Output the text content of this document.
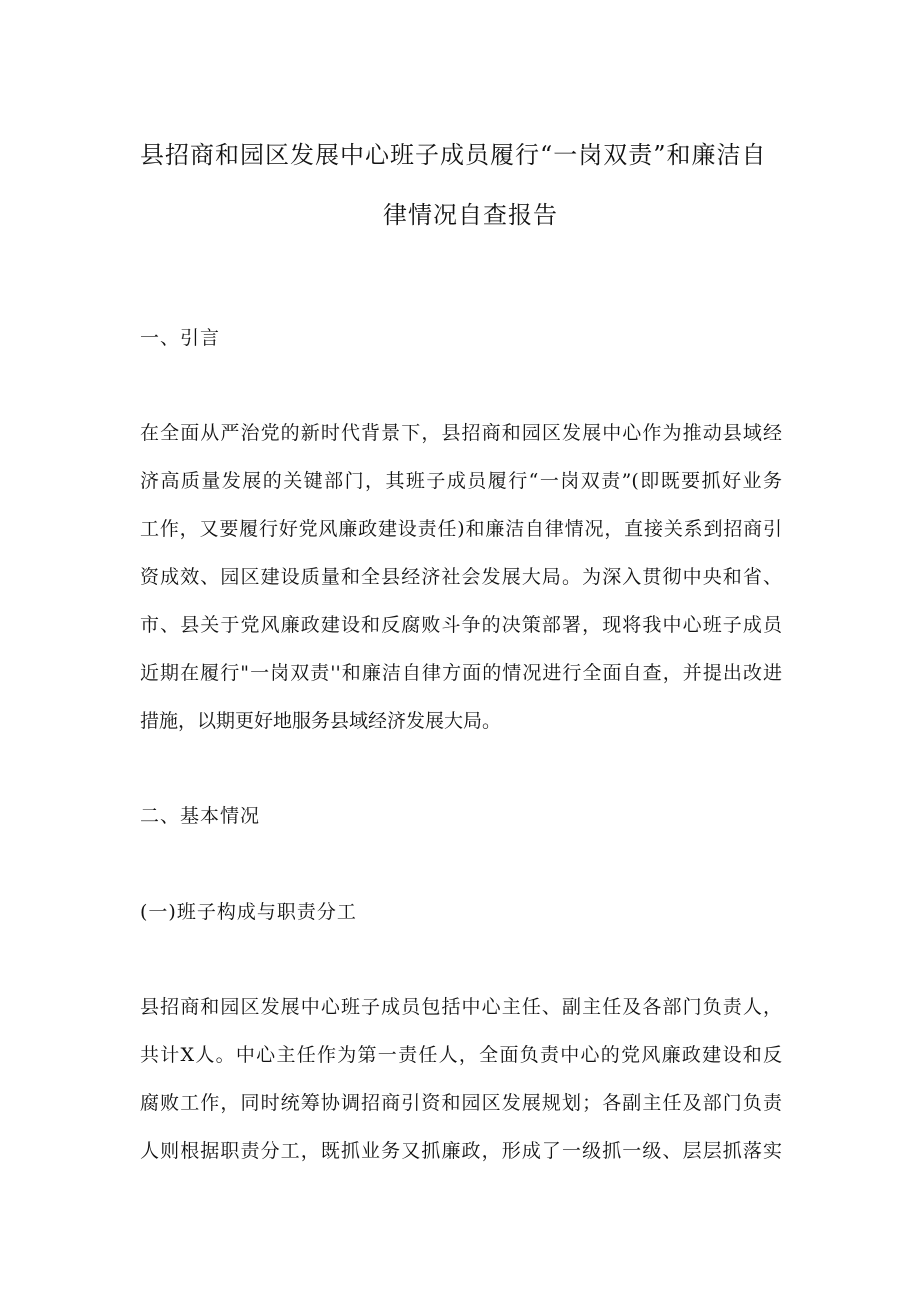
县招商和园区发展中心班子成员履行“一岗双责”和廉洁自
律情况自查报告
一、引言
在全面从严治党的新时代背景下，县招商和园区发展中心作为推动县域经
济高质量发展的关键部门，其班子成员履行“一岗双责”(即既要抓好业务
工作，又要履行好党风廉政建设责任)和廉洁自律情况，直接关系到招商引
资成效、园区建设质量和全县经济社会发展大局。为深入贯彻中央和省、
市、县关于党风廉政建设和反腐败斗争的决策部署，现将我中心班子成员
近期在履行"一岗双责''和廉洁自律方面的情况进行全面自查，并提出改进
措施，以期更好地服务县域经济发展大局。
二、基本情况
(一)班子构成与职责分工
县招商和园区发展中心班子成员包括中心主任、副主任及各部门负责人，
共计X人。中心主任作为第一责任人，全面负责中心的党风廉政建设和反
腐败工作，同时统筹协调招商引资和园区发展规划；各副主任及部门负责
人则根据职责分工，既抓业务又抓廉政，形成了一级抓一级、层层抓落实
